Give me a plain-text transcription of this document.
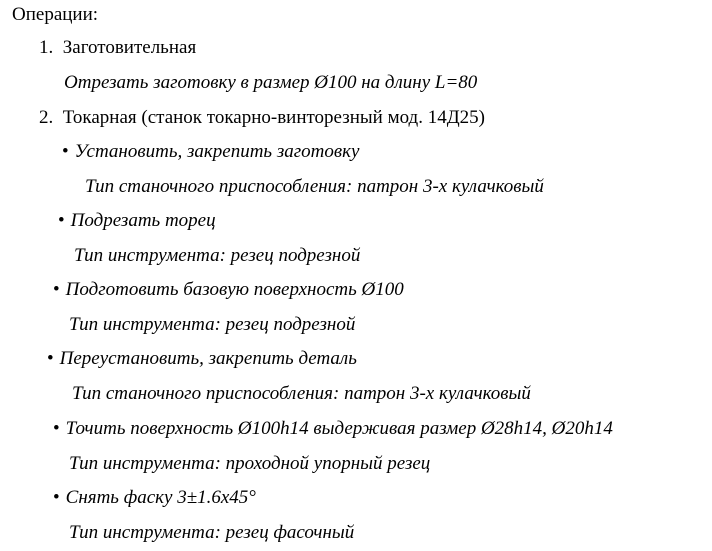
Операции:
1. Заготовительная
Отрезать заготовку в размер Ø100 на длину L=80
2. Токарная (станок токарно-винторезный мод. 14Д25)
• Установить, закрепить заготовку
Тип станочного приспособления: патрон 3-х кулачковый
• Подрезать торец
Тип инструмента: резец подрезной
• Подготовить базовую поверхность Ø100
Тип инструмента: резец подрезной
• Переустановить, закрепить деталь
Тип станочного приспособления: патрон 3-х кулачковый
• Точить поверхность Ø100h14 выдерживая размер Ø28h14, Ø20h14
Тип инструмента: проходной упорный резец
• Снять фаску 3±1.6x45°
Тип инструмента: резец фасочный
